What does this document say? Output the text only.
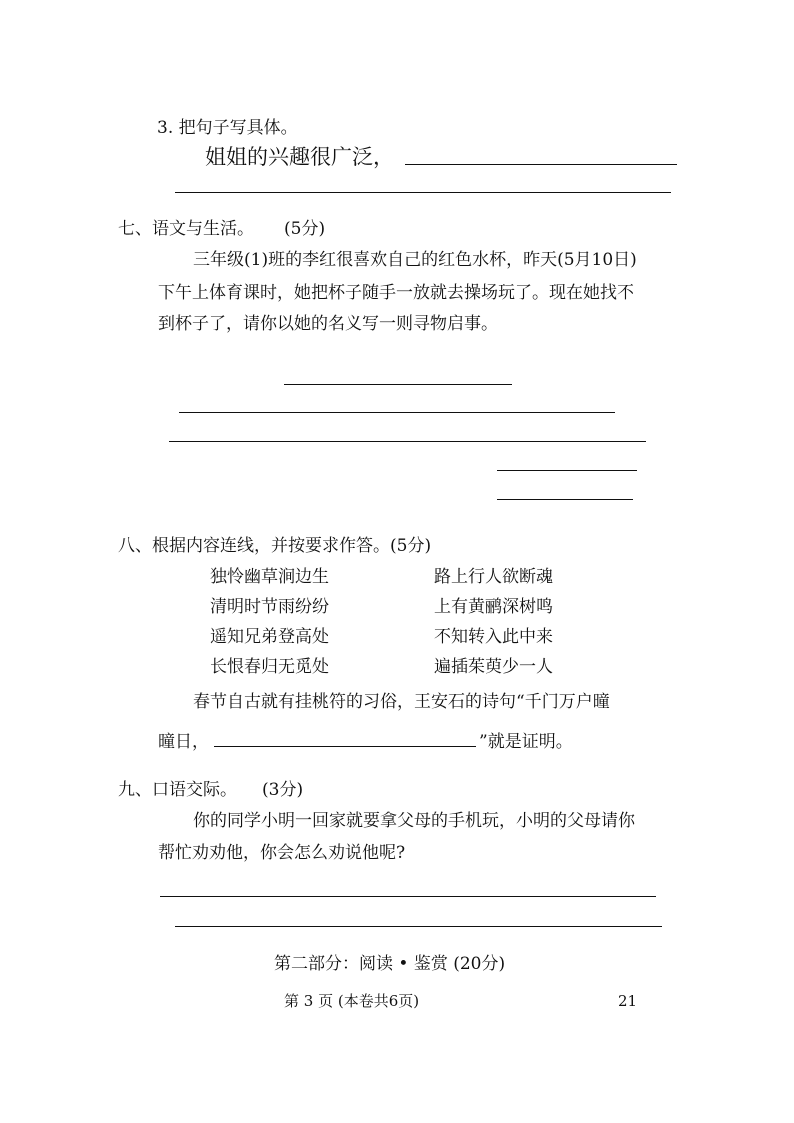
3. 把句子写具体。
姐姐的兴趣很广泛，
七、语文与生活。 (5分)
三年级(1)班的李红很喜欢自己的红色水杯，昨天(5月10日)
下午上体育课时，她把杯子随手一放就去操场玩了。现在她找不
到杯子了，请你以她的名义写一则寻物启事。
八、根据内容连线，并按要求作答。(5分)
独怜幽草涧边生	路上行人欲断魂
清明时节雨纷纷	上有黄鹂深树鸣
遥知兄弟登高处	不知转入此中来
长恨春归无觅处	遍插茱萸少一人
春节自古就有挂桃符的习俗，王安石的诗句“千门万户曈
曈日，	”就是证明。
九、口语交际。 (3分)
你的同学小明一回家就要拿父母的手机玩，小明的父母请你
帮忙劝劝他，你会怎么劝说他呢?
第二部分：阅读 • 鉴赏 (20分)
第 3 页 (本卷共6页)	21
